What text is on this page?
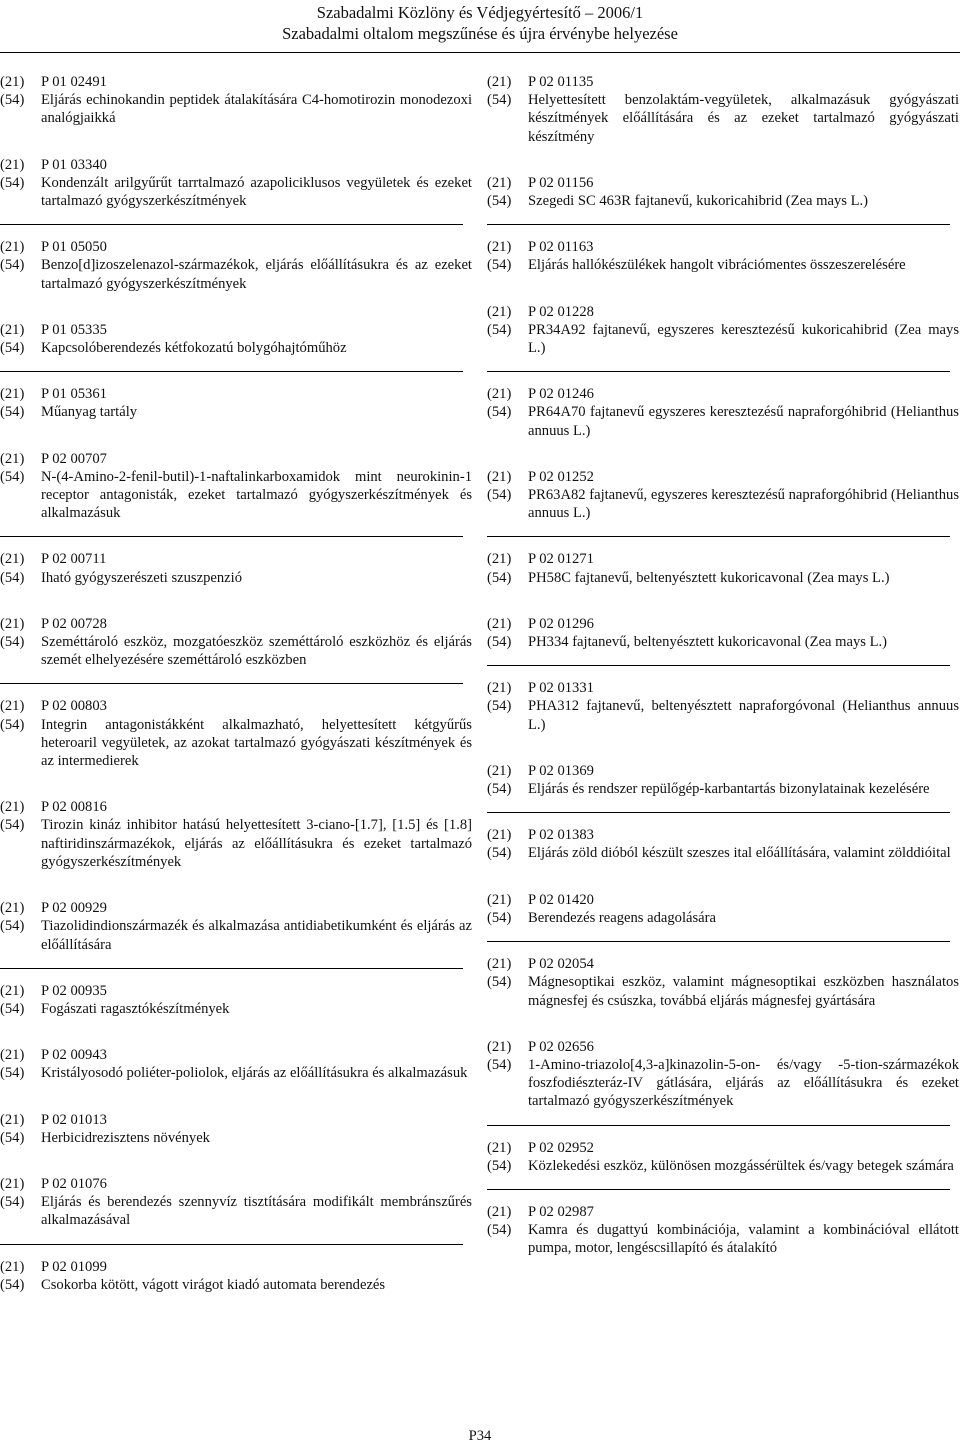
Szabadalmi Közlöny és Védjegyértesítő – 2006/1
Szabadalmi oltalom megszűnése és újra érvénybe helyezése
(21)	P 01 02491
(54)	Eljárás echinokandin peptidek átalakítására C4-homotirozin monodezoxi analógjaikká
(21)	P 01 03340
(54)	Kondenzált arilgyűrűt tarrtalmazó azapoliciklusos vegyületek és ezeket tartalmazó gyógyszerkészítmények
(21)	P 01 05050
(54)	Benzo[d]izoszelenazol-származékok, eljárás előállításukra és az ezeket tartalmazó gyógyszerkészítmények
(21)	P 01 05335
(54)	Kapcsolóberendezés kétfokozatú bolygóhajtóműhöz
(21)	P 01 05361
(54)	Műanyag tartály
(21)	P 02 00707
(54)	N-(4-Amino-2-fenil-butil)-1-naftalinkarboxamidok mint neurokinin-1 receptor antagonisták, ezeket tartalmazó gyógyszerkészítmények és alkalmazásuk
(21)	P 02 00711
(54)	Iható gyógyszerészeti szuszpenzió
(21)	P 02 00728
(54)	Szeméttároló eszköz, mozgatóeszköz szeméttároló eszközhöz és eljárás szemét elhelyezésére szeméttároló eszközben
(21)	P 02 00803
(54)	Integrin antagonistákként alkalmazható, helyettesített kétgyűrűs heteroaril vegyületek, az azokat tartalmazó gyógyászati készítmények és az intermedierek
(21)	P 02 00816
(54)	Tirozin kináz inhibitor hatású helyettesített 3-ciano-[1.7], [1.5] és [1.8] naftiridinszármazékok, eljárás az előállításukra és ezeket tartalmazó gyógyszerkészítmények
(21)	P 02 00929
(54)	Tiazolidindionszármazék és alkalmazása antidiabetikumként és eljárás az előállítására
(21)	P 02 00935
(54)	Fogászati ragasztókészítmények
(21)	P 02 00943
(54)	Kristályosodó poliéter-poliolok, eljárás az előállításukra és alkalmazásuk
(21)	P 02 01013
(54)	Herbicidrezisztens növények
(21)	P 02 01076
(54)	Eljárás és berendezés szennyvíz tisztítására modifikált membránszűrés alkalmazásával
(21)	P 02 01099
(54)	Csokorba kötött, vágott virágot kiadó automata berendezés
(21)	P 02 01135
(54)	Helyettesített benzolaktám-vegyületek, alkalmazásuk gyógyászati készítmények előállítására és az ezeket tartalmazó gyógyászati készítmény
(21)	P 02 01156
(54)	Szegedi SC 463R fajtanevű, kukoricahibrid (Zea mays L.)
(21)	P 02 01163
(54)	Eljárás hallókészülékek hangolt vibrációmentes összeszerelésére
(21)	P 02 01228
(54)	PR34A92 fajtanevű, egyszeres keresztezésű kukoricahibrid (Zea mays L.)
(21)	P 02 01246
(54)	PR64A70 fajtanevű egyszeres keresztezésű napraforgóhibrid (Helianthus annuus L.)
(21)	P 02 01252
(54)	PR63A82 fajtanevű, egyszeres keresztezésű napraforgóhibrid (Helianthus annuus L.)
(21)	P 02 01271
(54)	PH58C fajtanevű, beltenyésztett kukoricavonal (Zea mays L.)
(21)	P 02 01296
(54)	PH334 fajtanevű, beltenyésztett kukoricavonal (Zea mays L.)
(21)	P 02 01331
(54)	PHA312 fajtanevű, beltenyésztett napraforgóvonal (Helianthus annuus L.)
(21)	P 02 01369
(54)	Eljárás és rendszer repülőgép-karbantartás bizonylatainak kezelésére
(21)	P 02 01383
(54)	Eljárás zöld dióból készült szeszes ital előállítására, valamint zölddióital
(21)	P 02 01420
(54)	Berendezés reagens adagolására
(21)	P 02 02054
(54)	Mágnesoptikai eszköz, valamint mágnesoptikai eszközben használatos mágnesfej és csúszka, továbbá eljárás mágnesfej gyártására
(21)	P 02 02656
(54)	1-Amino-triazolo[4,3-a]kinazolin-5-on- és/vagy -5-tion-származékok foszfodiészteráz-IV gátlására, eljárás az előállításukra és ezeket tartalmazó gyógyszerkészítmények
(21)	P 02 02952
(54)	Közlekedési eszköz, különösen mozgássérültek és/vagy betegek számára
(21)	P 02 02987
(54)	Kamra és dugattyú kombinációja, valamint a kombinációval ellátott pumpa, motor, lengéscsillapító és átalakító
P34
